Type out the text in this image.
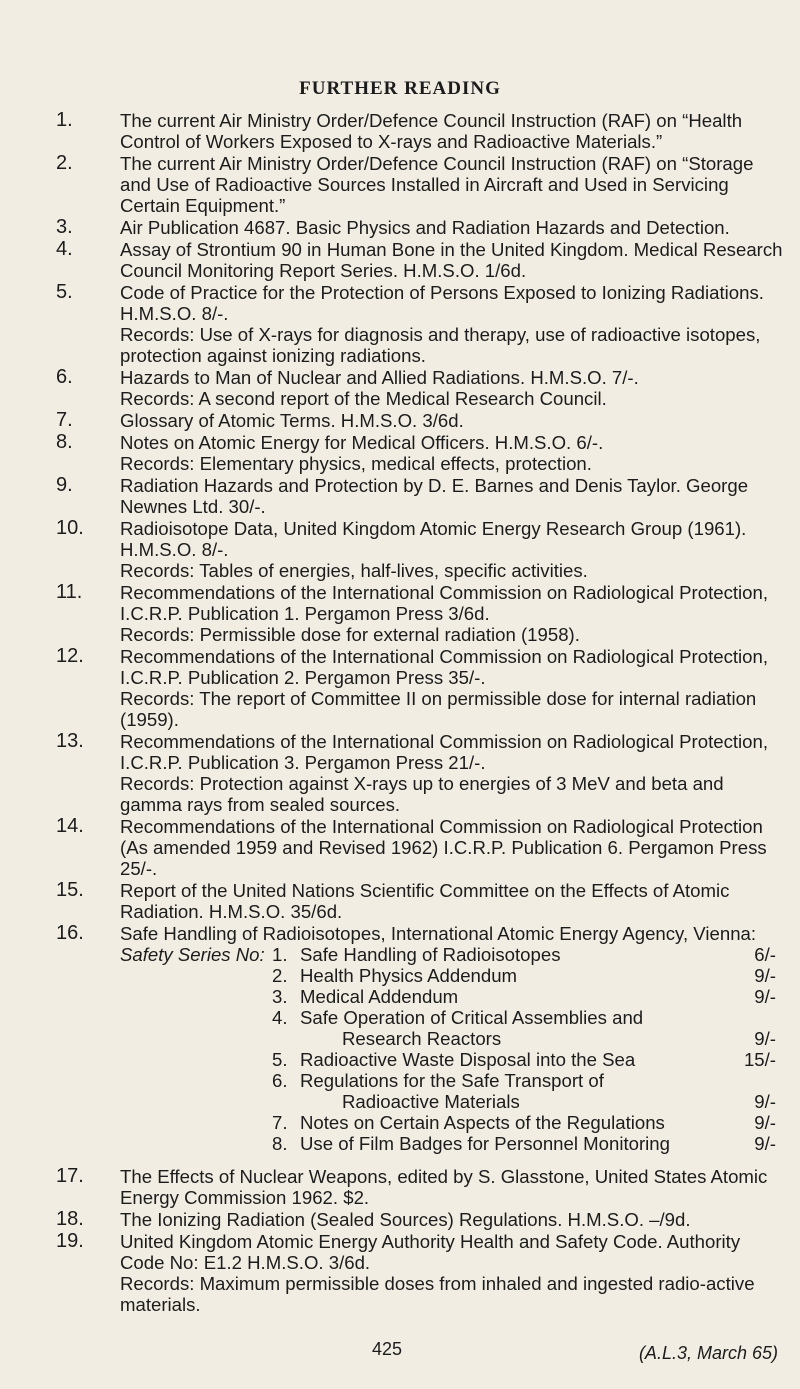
FURTHER READING
1.	The current Air Ministry Order/Defence Council Instruction (RAF) on “Health Control of Workers Exposed to X-rays and Radioactive Materials.”
2.	The current Air Ministry Order/Defence Council Instruction (RAF) on “Storage and Use of Radioactive Sources Installed in Aircraft and Used in Servicing Certain Equipment.”
3.	Air Publication 4687. Basic Physics and Radiation Hazards and Detection.
4.	Assay of Strontium 90 in Human Bone in the United Kingdom. Medical Research Council Monitoring Report Series. H.M.S.O. 1/6d.
5.	Code of Practice for the Protection of Persons Exposed to Ionizing Radiations. H.M.S.O. 8/-.
Records: Use of X-rays for diagnosis and therapy, use of radioactive isotopes, protection against ionizing radiations.
6.	Hazards to Man of Nuclear and Allied Radiations. H.M.S.O. 7/-.
Records: A second report of the Medical Research Council.
7.	Glossary of Atomic Terms. H.M.S.O. 3/6d.
8.	Notes on Atomic Energy for Medical Officers. H.M.S.O. 6/-.
Records: Elementary physics, medical effects, protection.
9.	Radiation Hazards and Protection by D. E. Barnes and Denis Taylor. George Newnes Ltd. 30/-.
10.	Radioisotope Data, United Kingdom Atomic Energy Research Group (1961). H.M.S.O. 8/-.
Records: Tables of energies, half-lives, specific activities.
11.	Recommendations of the International Commission on Radiological Protection, I.C.R.P. Publication 1. Pergamon Press 3/6d.
Records: Permissible dose for external radiation (1958).
12.	Recommendations of the International Commission on Radiological Protection, I.C.R.P. Publication 2. Pergamon Press 35/-.
Records: The report of Committee II on permissible dose for internal radiation (1959).
13.	Recommendations of the International Commission on Radiological Protection, I.C.R.P. Publication 3. Pergamon Press 21/-.
Records: Protection against X-rays up to energies of 3 MeV and beta and gamma rays from sealed sources.
14.	Recommendations of the International Commission on Radiological Protection (As amended 1959 and Revised 1962) I.C.R.P. Publication 6. Pergamon Press 25/-.
15.	Report of the United Nations Scientific Committee on the Effects of Atomic Radiation. H.M.S.O. 35/6d.
16.	Safe Handling of Radioisotopes, International Atomic Energy Agency, Vienna:
Safety Series No: 1. Safe Handling of Radioisotopes	6/-
2. Health Physics Addendum	9/-
3. Medical Addendum	9/-
4. Safe Operation of Critical Assemblies and
Research Reactors	9/-
5. Radioactive Waste Disposal into the Sea	15/-
6. Regulations for the Safe Transport of
Radioactive Materials	9/-
7. Notes on Certain Aspects of the Regulations	9/-
8. Use of Film Badges for Personnel Monitoring	9/-
17.	The Effects of Nuclear Weapons, edited by S. Glasstone, United States Atomic Energy Commission 1962. $2.
18.	The Ionizing Radiation (Sealed Sources) Regulations. H.M.S.O. –/9d.
19.	United Kingdom Atomic Energy Authority Health and Safety Code. Authority Code No: E1.2 H.M.S.O. 3/6d.
Records: Maximum permissible doses from inhaled and ingested radio-active materials.
425	(A.L.3, March 65)
